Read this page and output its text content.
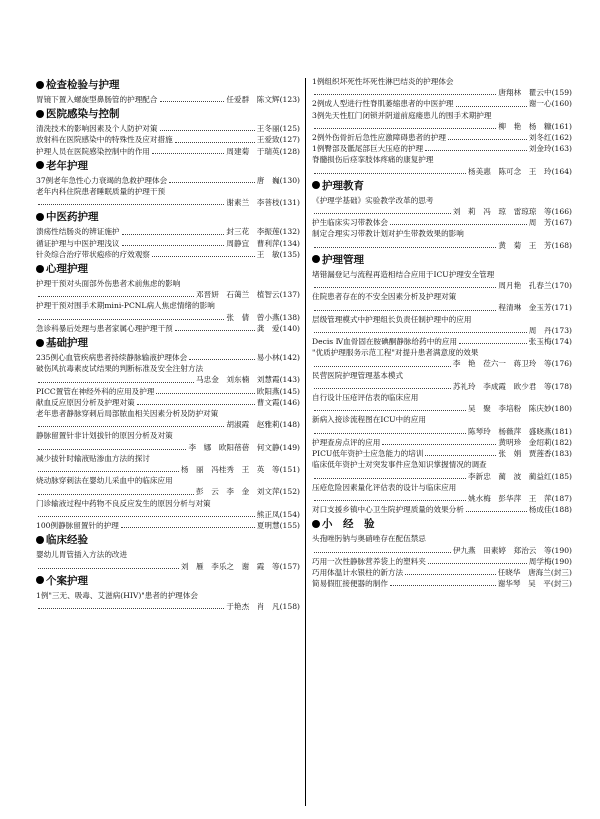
检查检验与护理
胃镜下置入螺旋型鼻肠管的护理配合	任爱群　陈文辉 (123)
医院感染与控制
清洗技术的影响因素及个人防护对策	王冬丽 (125)
放射科在医院感染中的特殊性及应对措施	王爱致 (127)
护理人员在医院感染控制中的作用	周建菊　于瑞英 (128)
老年护理
37例老年急性心力衰竭的急救护理体会	唐　巍 (130)
老年内科住院患者睡眠质量的护理干预
谢素兰　李菩枝 (131)
中医药护理
溃疡性结肠炎的辨证施护	封三花　李振莲 (132)
循证护理与中医护理浅议	周静宜　曹利萍 (134)
针灸综合治疗带状疱疹的疗效观察	王　敏 (135)
心理护理
护理干预对头面部外伤患者术前焦虑的影响
邓晋妍　石蔼兰　植智云 (137)
护理干预对围手术期mini-PCNL病人焦虑情绪的影响
张　倩　曾小燕 (138)
急诊科暴后处理与患者家属心理护理干预	龚　爱 (140)
基础护理
235例心血管疾病患者持续静脉输液护理体会	易小林 (142)
破伤风抗毒素皮试结果的判断标准及安全注射方法
马忠金　刘东楠　刘慧霞 (143)
PICC置管在神经外科的应用及护理	欧阳燕 (145)
献血反应原因分析及护理对策	曹文霞 (146)
老年患者静脉穿刺后局部脓血相关因素分析及防护对策
胡淑霞　赵雅莉 (148)
静脉留置针非计划拔针的原因分析及对策
李　娜　欧阳蓓蓓　何文静 (149)
减少拔针时输液贴渗血方法的探讨
杨　丽　冯桂秀　王　英　等 (151)
烧动脉穿刺法在婴幼儿采血中的临床应用
彭　云　李　金　刘文萍 (152)
门诊输液过程中药物不良反应发生的原因分析与对策
熊正凤 (154)
100例静脉留置针的护理	夏明慧 (155)
临床经验
婴幼儿胃管插入方法的改进
刘　雁　李乐之　谢　霞　等 (157)
个案护理
1例"三无、吸毒、艾滋病(HIV)"患者的护理体会
于艳杰　肖　凡 (158)
1例组织坏死性坏死性淋巴结炎的护理体会
唐翔林　瞿云中 (159)
2例成人型进行性脊肌萎缩患者的中医护理	谢一心 (160)
3例先天性肛门闭锁并阴道前庭瘘患儿的围手术期护理
柳　艳　杨　糠 (161)
2例外伤骨折后急性应激障碍患者的护理	刘冬红 (162)
1例臀部及骶尾部巨大压疮的护理	刘金玲 (163)
脊髓损伤后痉挛肢体疼痛的康复护理
杨美惠　陈可念　王　玲 (164)
护理教育
《护理学基础》实验教学改革的思考
刘　莉　冯　琼　雷琼琼　等 (166)
护生临床实习带教体会	周　芳 (167)
制定合理实习带教计划对护生带教效果的影响
黄　菊　王　芳 (168)
护理管理
堵错漏登记与流程再造相结合应用于ICU护理安全管理
周月艳　孔春兰 (170)
住院患者存在的不安全因素分析及护理对策
程清琳　金玉芳 (171)
层级管理模式中护理组长负责任制护理中的应用
周　丹 (173)
Decis Ⅳ血骨固在胺碘酮静脉给药中的应用	张玉梅 (174)
"优质护理服务示范工程"对提升患者满意度的效果
李　艳　莅六一　蒋卫玲　等 (176)
民营医院护理管理基本模式
苏礼玲　李成霞　欧少君　等 (178)
自行设计压疮评估表的临床应用
吴　聚　李培粉　陈庆妙 (180)
新病入接诊流程图在ICU中的应用
陈琴玲　杨薇萍　盛晓燕 (181)
护理查房点评的应用	黄明珍　金绍莉 (182)
PICU低年资护士应急能力的培训	张　娟　贾莲香 (183)
临床低年资护士对突发事件应急知识掌握情况的调查
李新忠　蔺　波　蔺益红 (185)
压疮危险因素量化评估表的设计与临床应用
姚水梅　彭华萍　王　萍 (187)
对口支援乡镇中心卫生院护理质量的效果分析	杨成佳 (188)
小　经　验
头孢唑肟钠与奥硝唑存在配伍禁忌
伊九燕　田素婷　郑治云　等 (190)
巧用一次性静脉营养袋上的塑料夹	周学梅 (190)
巧用体温计水银柱的新方法	任晓华　唐海兰 (封三)
简易假肛接便器的制作	谢华琴　吴　平 (封三)
